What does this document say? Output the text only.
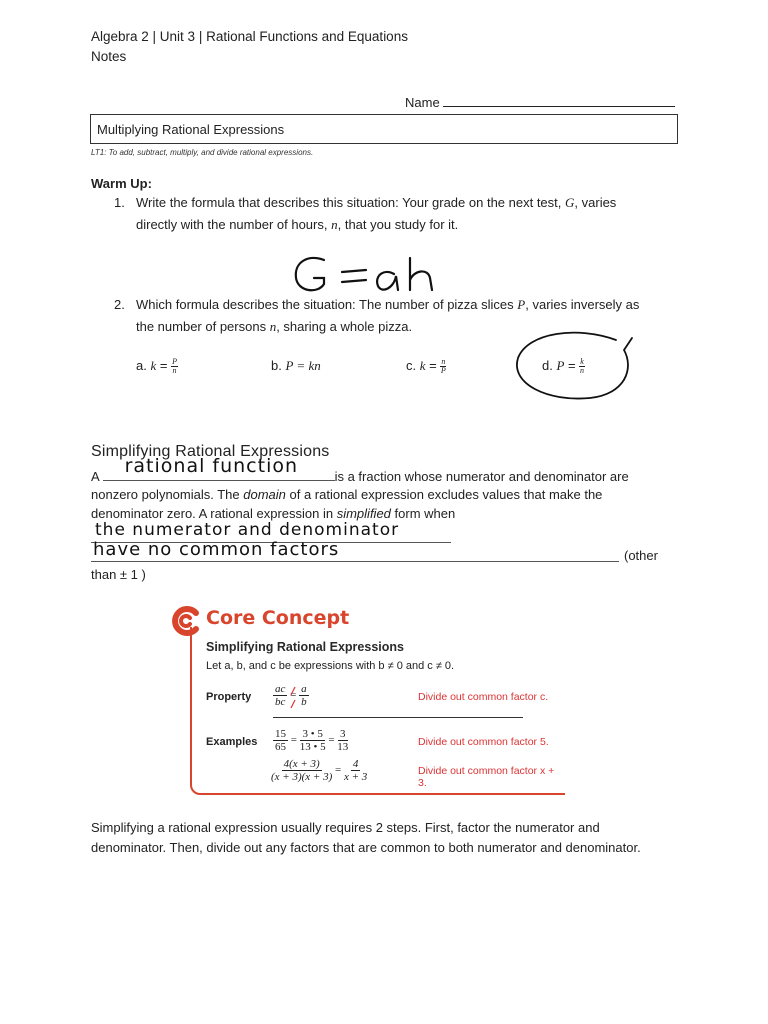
Algebra 2 | Unit 3 | Rational Functions and Equations
Notes
Name
Multiplying Rational Expressions
LT1: To add, subtract, multiply, and divide rational expressions.
Warm Up:
1. Write the formula that describes this situation: Your grade on the next test, G, varies
directly with the number of hours, n, that you study for it.
2. Which formula describes the situation: The number of pizza slices P, varies inversely as
the number of persons n, sharing a whole pizza.
a. $k = \frac{P}{n}$	b. P = kn	c. $k = \frac{n}{P}$	d. $P = \frac{k}{n}$
Simplifying Rational Expressions
A rational function	is a fraction whose numerator and denominator are
nonzero polynomials. The domain of a rational expression excludes values that make the
denominator zero. A rational expression in simplified form when
the numerator and denominator
have no common factors	(other
than ± 1 )
Core Concept
Simplifying Rational Expressions
Let a, b, and c be expressions with b ≠ 0 and c ≠ 0.
Property $\frac{ac}{bc} = \frac{a}{b}$	Divide out common factor c.
Examples $\frac{15}{65} = \frac{3 • 5}{13 • 5} = \frac{3}{13}$	Divide out common factor 5.
$\frac{4(x + 3)}{(x + 3)(x + 3)} = \frac{4}{x + 3}$	Divide out common factor x + 3.
Simplifying a rational expression usually requires 2 steps. First, factor the numerator and
denominator. Then, divide out any factors that are common to both numerator and denominator.
